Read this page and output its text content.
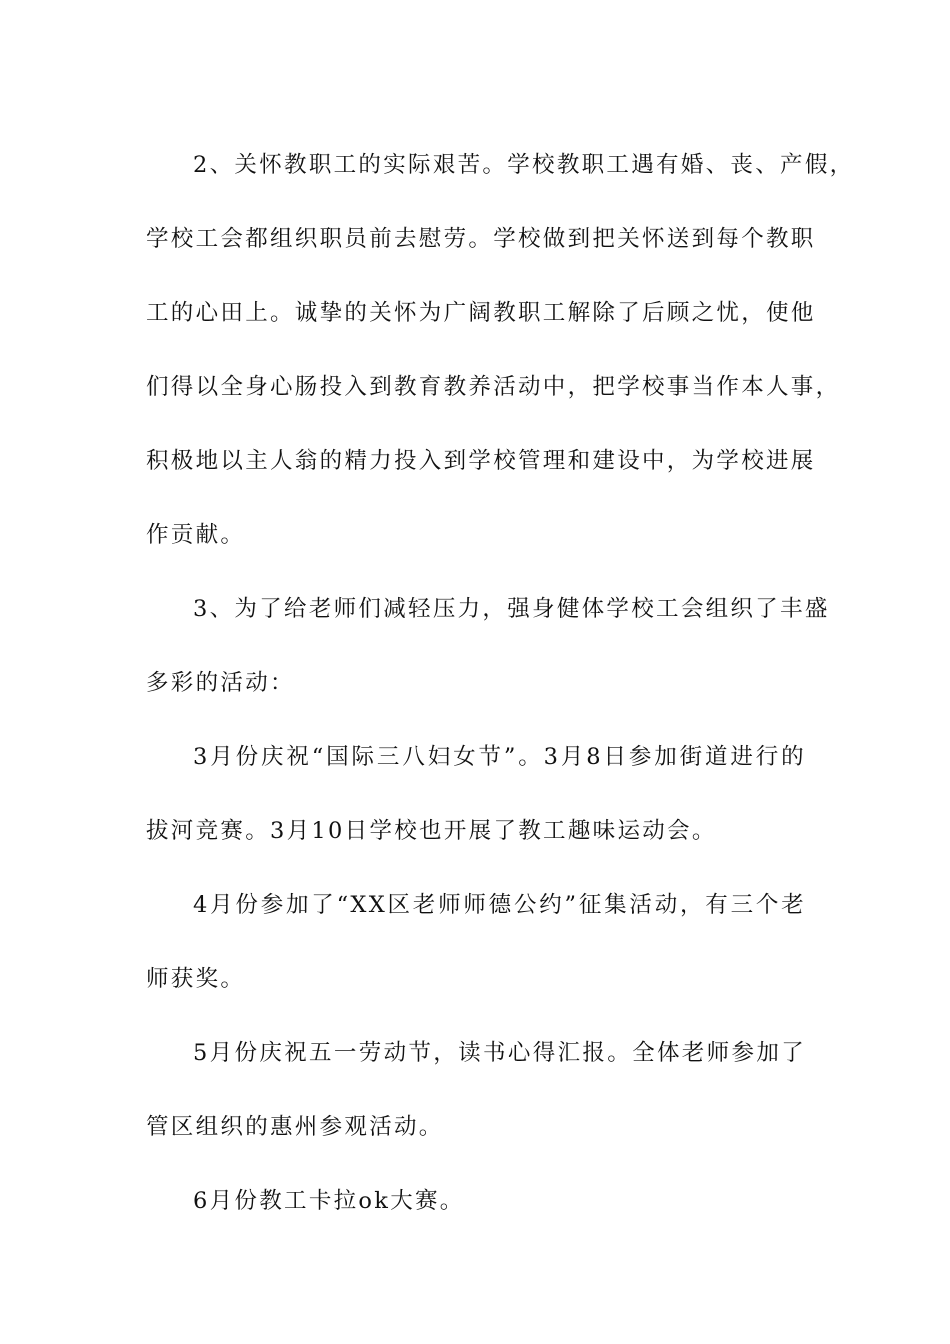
2、关怀教职工的实际艰苦。学校教职工遇有婚、丧、产假，
学校工会都组织职员前去慰劳。学校做到把关怀送到每个教职
工的心田上。诚挚的关怀为广阔教职工解除了后顾之忧，使他
们得以全身心肠投入到教育教养活动中，把学校事当作本人事，
积极地以主人翁的精力投入到学校管理和建设中，为学校进展
作贡献。
3、为了给老师们减轻压力，强身健体学校工会组织了丰盛
多彩的活动：
3月份庆祝“国际三八妇女节”。3月8日参加街道进行的
拔河竞赛。3月10日学校也开展了教工趣味运动会。
4月份参加了“XX区老师师德公约”征集活动，有三个老
师获奖。
5月份庆祝五一劳动节，读书心得汇报。全体老师参加了
管区组织的惠州参观活动。
6月份教工卡拉ok大赛。
